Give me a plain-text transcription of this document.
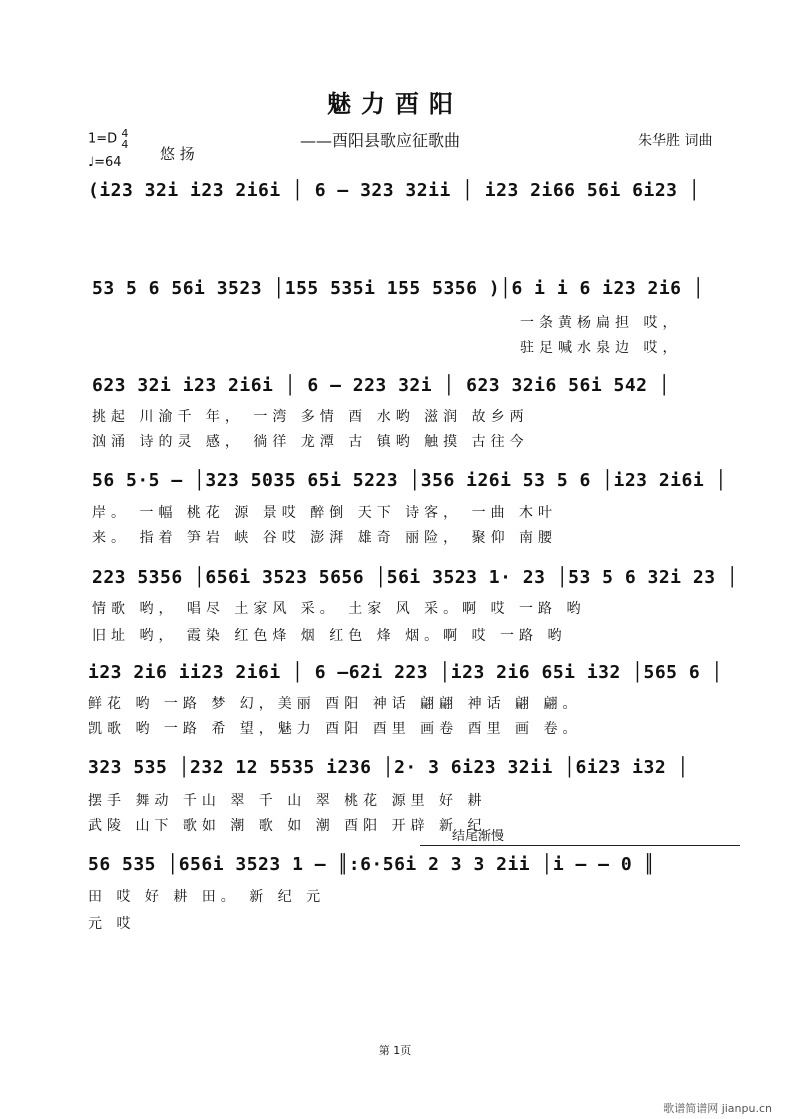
魅力酉阳
1=D 4
4
♩=64	悠 扬
——酉阳县歌应征歌曲	朱华胜 词曲
(i23 32i i23 2i6i │ 6 – 323 32ii │ i23 2i66 56i 6i23 │
53 5 6 56i 3523 │155 535i 155 5356 )│6 i i 6 i23 2i6 │
一条黄杨扁担 哎，
驻足喊水泉边 哎，
623 32i i23 2i6i │ 6 – 223 32i │ 623 32i6 56i 542 │
挑起 川渝千 年， 一湾 多情 酉 水哟 滋润 故乡两
汹涌 诗的灵 感， 徜徉 龙潭 古 镇哟 触摸 古往今
56 5·5 – │323 5035 65i 5223 │356 i26i 53 5 6 │i23 2i6i │
岸。 一幅 桃花 源 景哎 醉倒 天下 诗客， 一曲 木叶
来。 指着 笋岩 峡 谷哎 澎湃 雄奇 丽险， 聚仰 南腰
223 5356 │656i 3523 5656 │56i 3523 1· 23 │53 5 6 32i 23 │
情歌 哟， 唱尽 土家风 采。 土家 风 采。啊 哎 一路 哟
旧址 哟， 霞染 红色烽 烟 红色 烽 烟。啊 哎 一路 哟
i23 2i6 ii23 2i6i │ 6 –62i 223 │i23 2i6 65i i32 │565 6 │
鲜花 哟 一路 梦 幻，美丽 酉阳 神话 翩翩 神话 翩 翩。
凯歌 哟 一路 希 望，魅力 酉阳 酉里 画卷 酉里 画 卷。
323 535 │232 12 5535 i236 │2· 3 6i23 32ii │6i23 i32 │
摆手 舞动 千山 翠 千 山 翠 桃花 源里 好 耕
武陵 山下 歌如 潮 歌 如 潮 酉阳 开辟 新 纪
结尾渐慢
56 535 │656i 3523 1 – ║:6·56i 2 3 3 2ii │i – – 0 ║
田 哎 好 耕 田。 新 纪 元
元 哎
第 1页
歌谱简谱网 jianpu.cn
